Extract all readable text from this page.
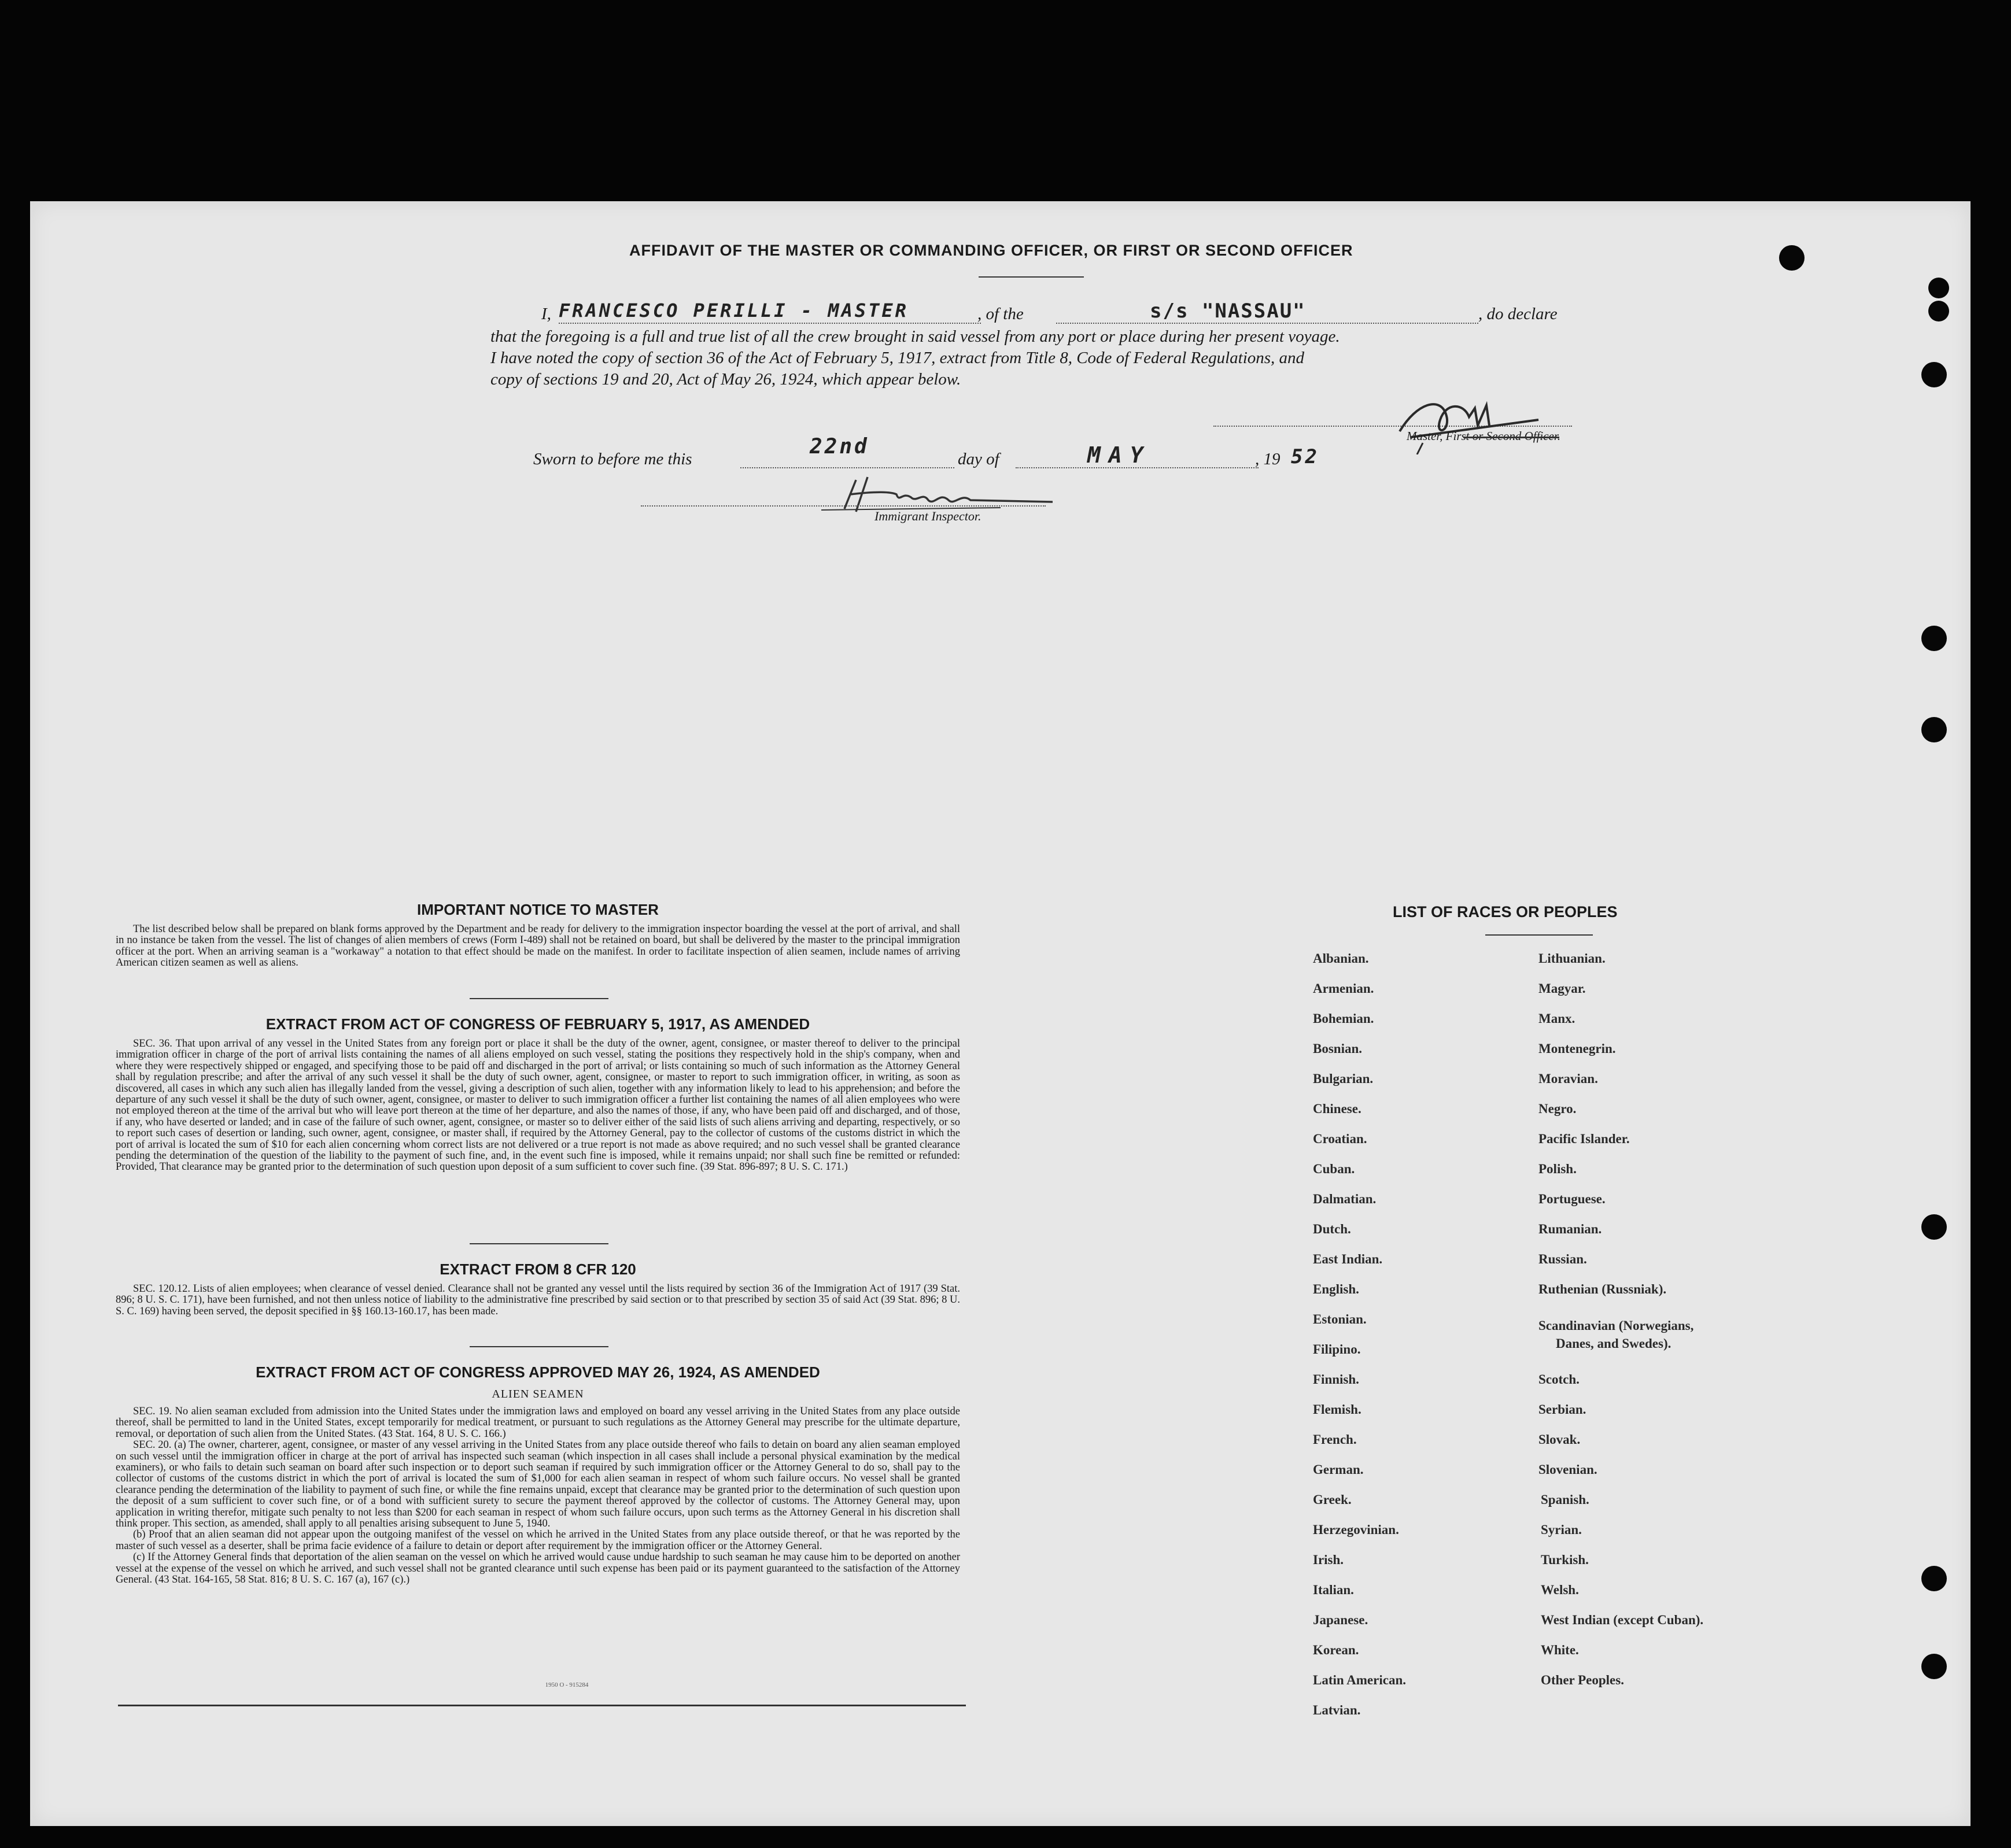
AFFIDAVIT OF THE MASTER OR COMMANDING OFFICER, OR FIRST OR SECOND OFFICER
I, FRANCESCO PERILLI - MASTER	, of the	s/s "NASSAU"	, do declare
that the foregoing is a full and true list of all the crew brought in said vessel from any port or place during her present voyage.
I have noted the copy of section 36 of the Act of February 5, 1917, extract from Title 8, Code of Federal Regulations, and
copy of sections 19 and 20, Act of May 26, 1924, which appear below.
Master, First or Second Officer.
Sworn to before me this
22nd
day of	MAY	, 19 52
Immigrant Inspector.
IMPORTANT NOTICE TO MASTER

The list described below shall be prepared on blank forms approved by the Department and be ready for delivery to the immigration inspector boarding the vessel at the port of arrival, and shall in no instance be taken from the vessel. The list of changes of alien members of crews (Form I-489) shall not be retained on board, but shall be delivered by the master to the principal immigration officer at the port. When an arriving seaman is a "workaway" a notation to that effect should be made on the manifest. In order to facilitate inspection of alien seamen, include names of arriving American citizen seamen as well as aliens.

EXTRACT FROM ACT OF CONGRESS OF FEBRUARY 5, 1917, AS AMENDED

SEC. 36. That upon arrival of any vessel in the United States from any foreign port or place it shall be the duty of the owner, agent, consignee, or master thereof to deliver to the principal immigration officer in charge of the port of arrival lists containing the names of all aliens employed on such vessel, stating the positions they respectively hold in the ship's company, when and where they were respectively shipped or engaged, and specifying those to be paid off and discharged in the port of arrival; or lists containing so much of such information as the Attorney General shall by regulation prescribe; and after the arrival of any such vessel it shall be the duty of such owner, agent, consignee, or master to report to such immigration officer, in writing, as soon as discovered, all cases in which any such alien has illegally landed from the vessel, giving a description of such alien, together with any information likely to lead to his apprehension; and before the departure of any such vessel it shall be the duty of such owner, agent, consignee, or master to deliver to such immigration officer a further list containing the names of all alien employees who were not employed thereon at the time of the arrival but who will leave port thereon at the time of her departure, and also the names of those, if any, who have been paid off and discharged, and of those, if any, who have deserted or landed; and in case of the failure of such owner, agent, consignee, or master so to deliver either of the said lists of such aliens arriving and departing, respectively, or so to report such cases of desertion or landing, such owner, agent, consignee, or master shall, if required by the Attorney General, pay to the collector of customs of the customs district in which the port of arrival is located the sum of $10 for each alien concerning whom correct lists are not delivered or a true report is not made as above required; and no such vessel shall be granted clearance pending the determination of the question of the liability to the payment of such fine, and, in the event such fine is imposed, while it remains unpaid; nor shall such fine be remitted or refunded: Provided, That clearance may be granted prior to the determination of such question upon deposit of a sum sufficient to cover such fine. (39 Stat. 896-897; 8 U. S. C. 171.)

EXTRACT FROM 8 CFR 120

SEC. 120.12. Lists of alien employees; when clearance of vessel denied. Clearance shall not be granted any vessel until the lists required by section 36 of the Immigration Act of 1917 (39 Stat. 896; 8 U. S. C. 171), have been furnished, and not then unless notice of liability to the administrative fine prescribed by said section or to that prescribed by section 35 of said Act (39 Stat. 896; 8 U. S. C. 169) having been served, the deposit specified in §§ 160.13-160.17, has been made.

EXTRACT FROM ACT OF CONGRESS APPROVED MAY 26, 1924, AS AMENDED
ALIEN SEAMEN

SEC. 19. No alien seaman excluded from admission into the United States under the immigration laws and employed on board any vessel arriving in the United States from any place outside thereof, shall be permitted to land in the United States, except temporarily for medical treatment, or pursuant to such regulations as the Attorney General may prescribe for the ultimate departure, removal, or deportation of such alien from the United States. (43 Stat. 164, 8 U. S. C. 166.)

SEC. 20. (a) The owner, charterer, agent, consignee, or master of any vessel arriving in the United States from any place outside thereof who fails to detain on board any alien seaman employed on such vessel until the immigration officer in charge at the port of arrival has inspected such seaman (which inspection in all cases shall include a personal physical examination by the medical examiners), or who fails to detain such seaman on board after such inspection or to deport such seaman if required by such immigration officer or the Attorney General to do so, shall pay to the collector of customs of the customs district in which the port of arrival is located the sum of $1,000 for each alien seaman in respect of whom such failure occurs. No vessel shall be granted clearance pending the determination of the liability to payment of such fine, or while the fine remains unpaid, except that clearance may be granted prior to the determination of such question upon the deposit of a sum sufficient to cover such fine, or of a bond with sufficient surety to secure the payment thereof approved by the collector of customs. The Attorney General may, upon application in writing therefor, mitigate such penalty to not less than $200 for each seaman in respect of whom such failure occurs, upon such terms as the Attorney General in his discretion shall think proper. This section, as amended, shall apply to all penalties arising subsequent to June 5, 1940.

(b) Proof that an alien seaman did not appear upon the outgoing manifest of the vessel on which he arrived in the United States from any place outside thereof, or that he was reported by the master of such vessel as a deserter, shall be prima facie evidence of a failure to detain or deport after requirement by the immigration officer or the Attorney General.

(c) If the Attorney General finds that deportation of the alien seaman on the vessel on which he arrived would cause undue hardship to such seaman he may cause him to be deported on another vessel at the expense of the vessel on which he arrived, and such vessel shall not be granted clearance until such expense has been paid or its payment guaranteed to the satisfaction of the Attorney General. (43 Stat. 164-165, 58 Stat. 816; 8 U. S. C. 167 (a), 167 (c).)

1950 O - 915284
LIST OF RACES OR PEOPLES
Albanian.
Armenian.
Bohemian.
Bosnian.
Bulgarian.
Chinese.
Croatian.
Cuban.
Dalmatian.
Dutch.
East Indian.
English.
Estonian.
Filipino.
Finnish.
Flemish.
French.
German.
Greek.
Herzegovinian.
Irish.
Italian.
Japanese.
Korean.
Latin American.
Latvian.
Lithuanian.
Magyar.
Manx.
Montenegrin.
Moravian.
Negro.
Pacific Islander.
Polish.
Portuguese.
Rumanian.
Russian.
Ruthenian (Russniak).
Scandinavian (Norwegians,
Danes, and Swedes).
Scotch.
Serbian.
Slovak.
Slovenian.
Spanish.
Syrian.
Turkish.
Welsh.
West Indian (except Cuban).
White.
Other Peoples.
